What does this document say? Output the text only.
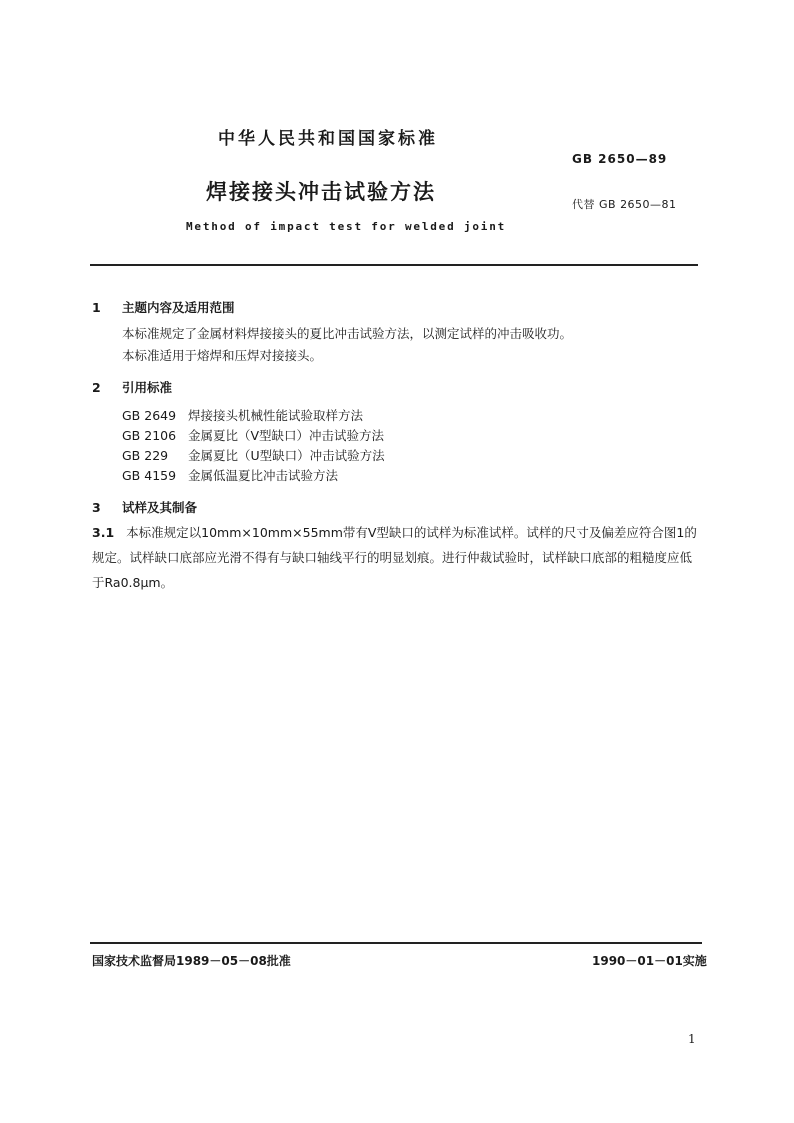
中华人民共和国国家标准
GB 2650—89
焊接接头冲击试验方法
代替 GB 2650—81
Method of impact test for welded joint
1 主题内容及适用范围
本标准规定了金属材料焊接接头的夏比冲击试验方法，以测定试样的冲击吸收功。
本标准适用于熔焊和压焊对接接头。
2 引用标准
GB 2649 焊接接头机械性能试验取样方法
GB 2106 金属夏比（V型缺口）冲击试验方法
GB 229 金属夏比（U型缺口）冲击试验方法
GB 4159 金属低温夏比冲击试验方法
3 试样及其制备
3.1 本标准规定以10mm×10mm×55mm带有V型缺口的试样为标准试样。试样的尺寸及偏差应符合图1的规定。试样缺口底部应光滑不得有与缺口轴线平行的明显划痕。进行仲裁试验时，试样缺口底部的粗糙度应低于Ra0.8μm。
国家技术监督局1989－05－08批准	1990－01－01实施
1
